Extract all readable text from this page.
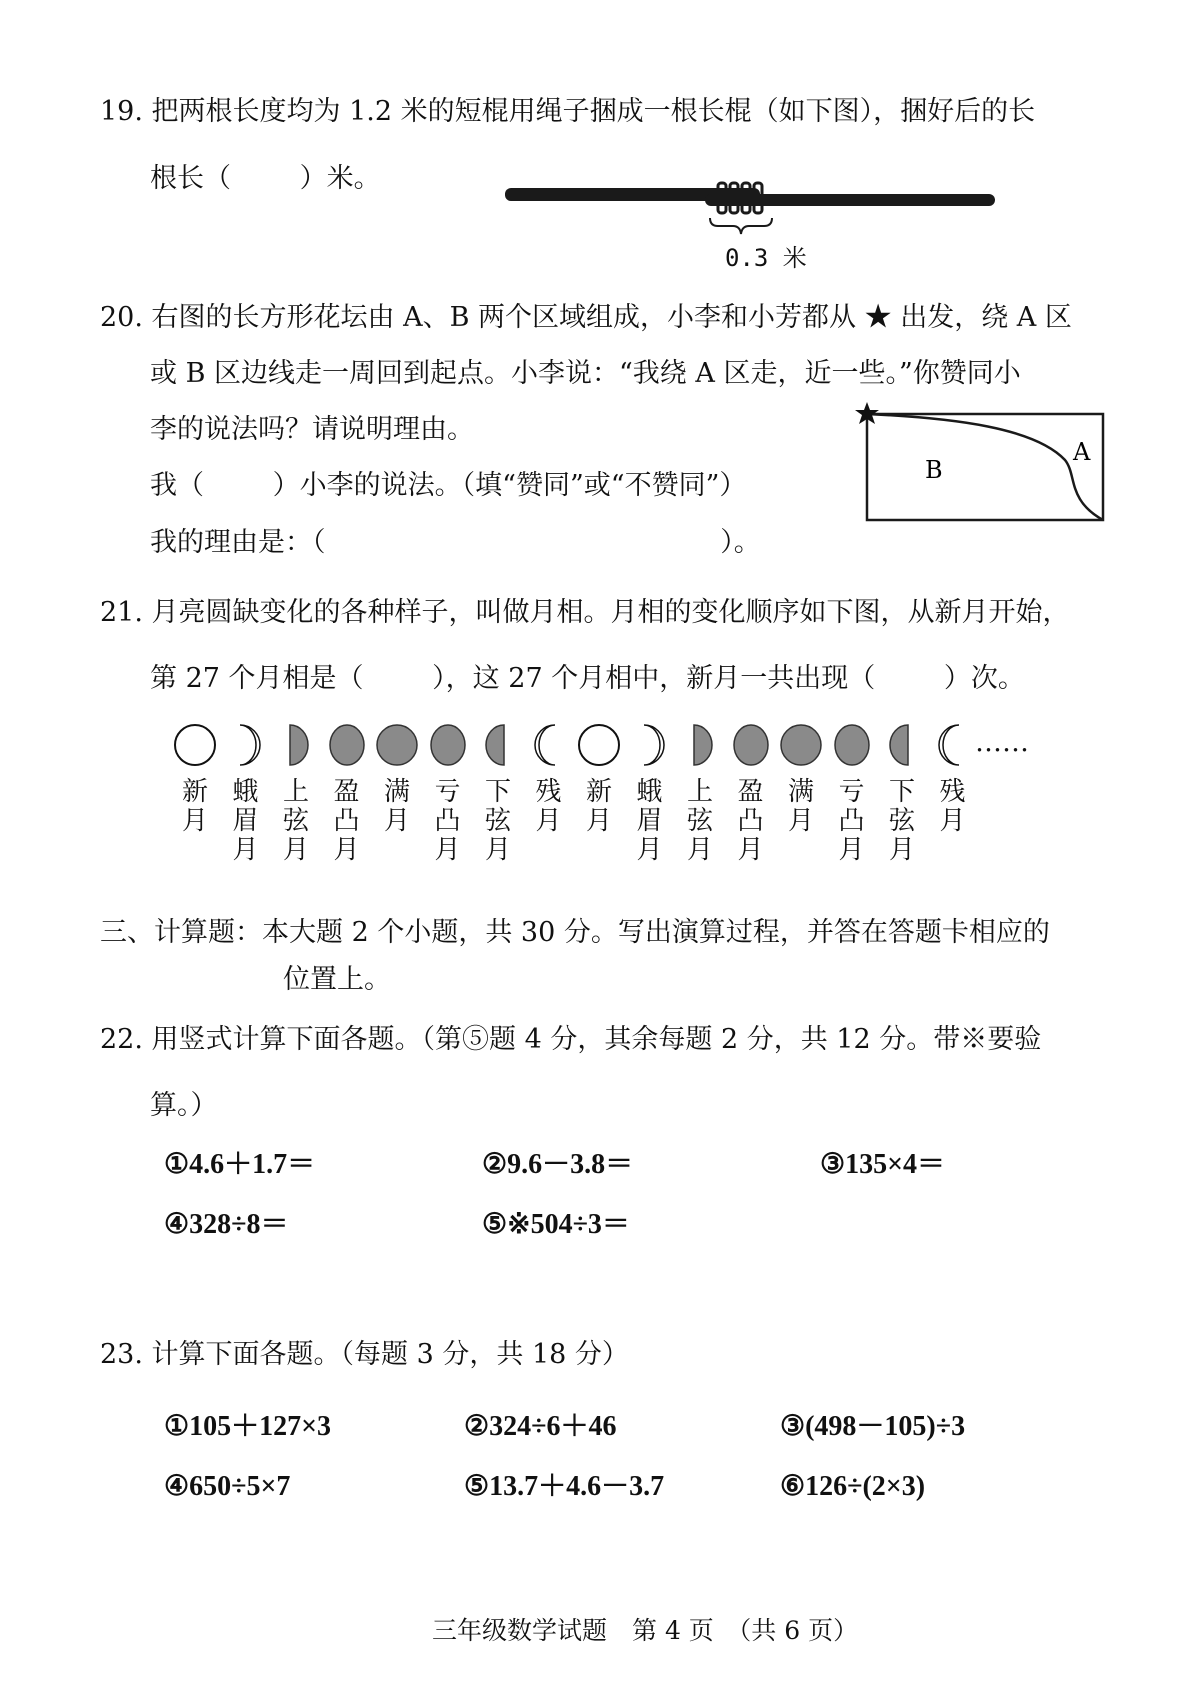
19. 把两根长度均为 1.2 米的短棍用绳子捆成一根长棍（如下图），捆好后的长
根长（        ）米。
0.3 米
20. 右图的长方形花坛由 A、B 两个区域组成，小李和小芳都从 ★ 出发，绕 A 区
或 B 区边线走一周回到起点。小李说：“我绕 A 区走，近一些。”你赞同小
李的说法吗？请说明理由。
我（        ）小李的说法。（填“赞同”或“不赞同”）
我的理由是：（                                              ）。
B
A
21. 月亮圆缺变化的各种样子，叫做月相。月相的变化顺序如下图，从新月开始，
第 27 个月相是（        ），这 27 个月相中，新月一共出现（        ）次。
新月
蛾眉月
上弦月
盈凸月
满月
亏凸月
下弦月
残月
新月
蛾眉月
上弦月
盈凸月
满月
亏凸月
下弦月
残月
……
三、计算题：本大题 2 个小题，共 30 分。写出演算过程，并答在答题卡相应的
位置上。
22. 用竖式计算下面各题。（第⑤题 4 分，其余每题 2 分，共 12 分。带※要验
算。）
①4.6＋1.7＝	②9.6－3.8＝	③135×4＝
④328÷8＝	⑤※504÷3＝
23. 计算下面各题。（每题 3 分，共 18 分）
①105＋127×3	②324÷6＋46	③(498－105)÷3
④650÷5×7	⑤13.7＋4.6－3.7	⑥126÷(2×3)
三年级数学试题　第 4 页　（共 6 页）
